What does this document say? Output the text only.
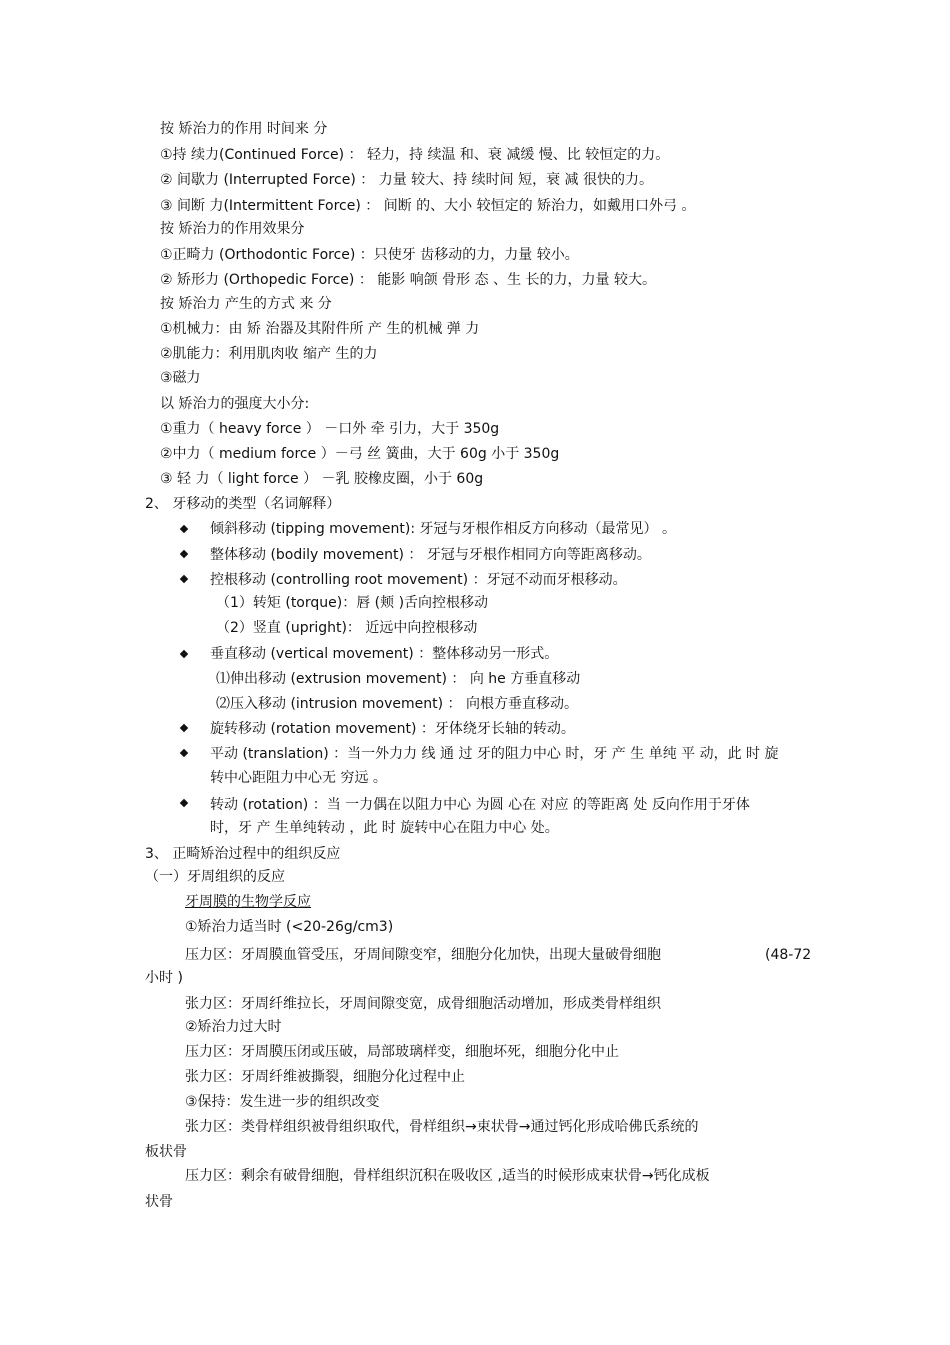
按 矫治力的作用 时间来 分
①持 续力(Continued Force) ： 轻力，持 续温 和、衰 减缓 慢、比 较恒定的力。
② 间歇力 (Interrupted Force) ： 力量 较大、持 续时间 短，衰 减 很快的力。
③ 间断 力(Intermittent Force) ： 间断 的、大小 较恒定的 矫治力，如戴用口外弓 。
按 矫治力的作用效果分
①正畸力 (Orthodontic Force) ：只使牙 齿移动的力，力量 较小。
② 矫形力 (Orthopedic Force) ： 能影 响颌 骨形 态 、生 长的力，力量 较大。
按 矫治力 产生的方式 来 分
①机械力：由 矫 治器及其附件所 产 生的机械 弹 力
②肌能力：利用肌肉收 缩产 生的力
③磁力
以 矫治力的强度大小分:
①重力（ heavy force ） －口外 牵 引力，大于 350g
②中力（ medium force ）－弓 丝 簧曲，大于 60g 小于 350g
③ 轻 力（ light force ） －乳 胶橡皮圈，小于 60g
2、 牙移动的类型（名词解释）
倾斜移动 (tipping movement): 牙冠与牙根作相反方向移动（最常见） 。
整体移动 (bodily movement) ： 牙冠与牙根作相同方向等距离移动。
控根移动 (controlling root movement) ：牙冠不动而牙根移动。
（1）转矩 (torque)：唇 (颊 )舌向控根移动
（2）竖直 (upright)： 近远中向控根移动
垂直移动 (vertical movement) ：整体移动另一形式。
⑴伸出移动 (extrusion movement) ： 向 he 方垂直移动
⑵压入移动 (intrusion movement) ： 向根方垂直移动。
旋转移动 (rotation movement) ：牙体绕牙长轴的转动。
平动 (translation) ：当一外力力 线 通 过 牙的阻力中心 时，牙 产 生 单纯 平 动，此 时 旋
转中心距阻力中心无 穷远 。
转动 (rotation) ：当 一力偶在以阻力中心 为圆 心在 对应 的等距离 处 反向作用于牙体
时，牙 产 生单纯转动 ，此 时 旋转中心在阻力中心 处。
3、 正畸矫治过程中的组织反应
（一）牙周组织的反应
牙周膜的生物学反应
①矫治力适当时 (<20-26g/cm3)
压力区：牙周膜血管受压，牙周间隙变窄，细胞分化加快，出现大量破骨细胞	(48-72
小时 )
张力区：牙周纤维拉长，牙周间隙变宽，成骨细胞活动增加，形成类骨样组织
②矫治力过大时
压力区：牙周膜压闭或压破，局部玻璃样变，细胞坏死，细胞分化中止
张力区：牙周纤维被撕裂，细胞分化过程中止
③保持：发生进一步的组织改变
张力区：类骨样组织被骨组织取代，骨样组织→束状骨→通过钙化形成哈佛氏系统的
板状骨
压力区：剩余有破骨细胞，骨样组织沉积在吸收区 ,适当的时候形成束状骨→钙化成板
状骨
